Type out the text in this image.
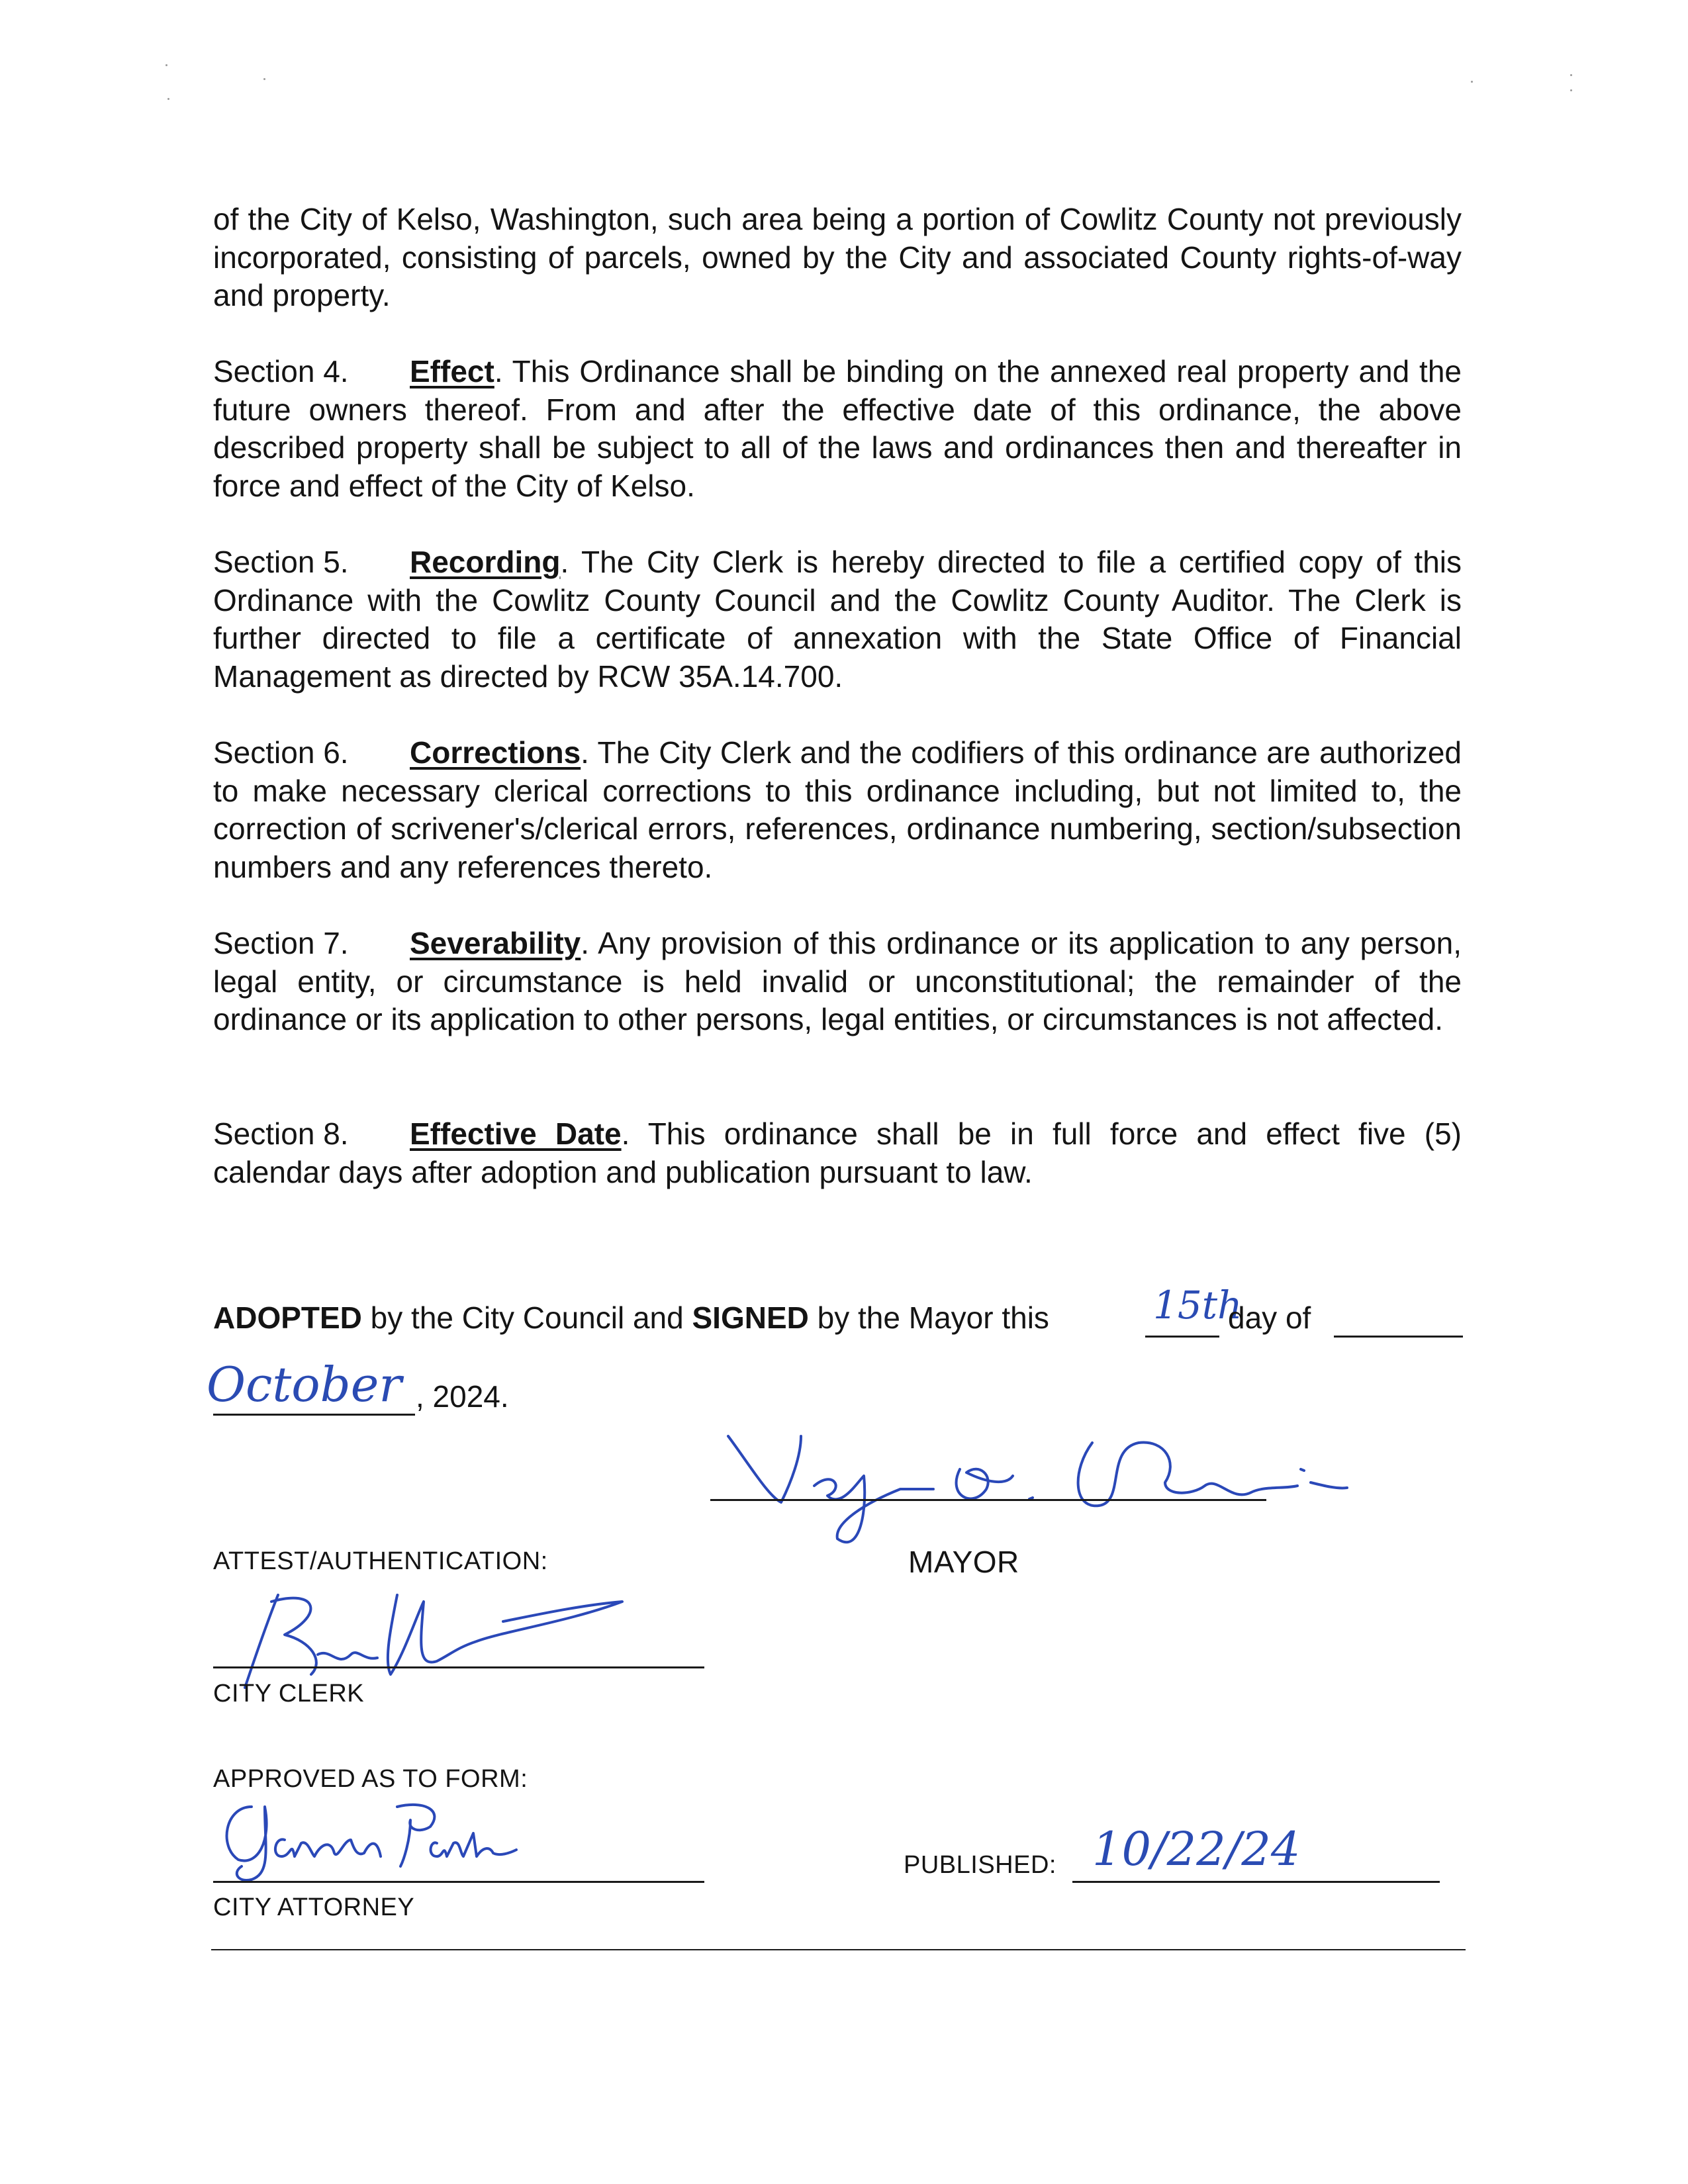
of the City of Kelso, Washington, such area being a portion of Cowlitz County not previously incorporated, consisting of parcels, owned by the City and associated County rights-of-way and property.
Section 4. Effect. This Ordinance shall be binding on the annexed real property and the future owners thereof. From and after the effective date of this ordinance, the above described property shall be subject to all of the laws and ordinances then and thereafter in force and effect of the City of Kelso.
Section 5. Recording. The City Clerk is hereby directed to file a certified copy of this Ordinance with the Cowlitz County Council and the Cowlitz County Auditor. The Clerk is further directed to file a certificate of annexation with the State Office of Financial Management as directed by RCW 35A.14.700.
Section 6. Corrections. The City Clerk and the codifiers of this ordinance are authorized to make necessary clerical corrections to this ordinance including, but not limited to, the correction of scrivener's/clerical errors, references, ordinance numbering, section/subsection numbers and any references thereto.
Section 7. Severability. Any provision of this ordinance or its application to any person, legal entity, or circumstance is held invalid or unconstitutional; the remainder of the ordinance or its application to other persons, legal entities, or circumstances is not affected.
Section 8. Effective Date. This ordinance shall be in full force and effect five (5) calendar days after adoption and publication pursuant to law.
ADOPTED by the City Council and SIGNED by the Mayor this	15th
day of
October , 2024.
MAYOR
ATTEST/AUTHENTICATION:
CITY CLERK
APPROVED AS TO FORM:
CITY ATTORNEY
PUBLISHED: 10/22/24
